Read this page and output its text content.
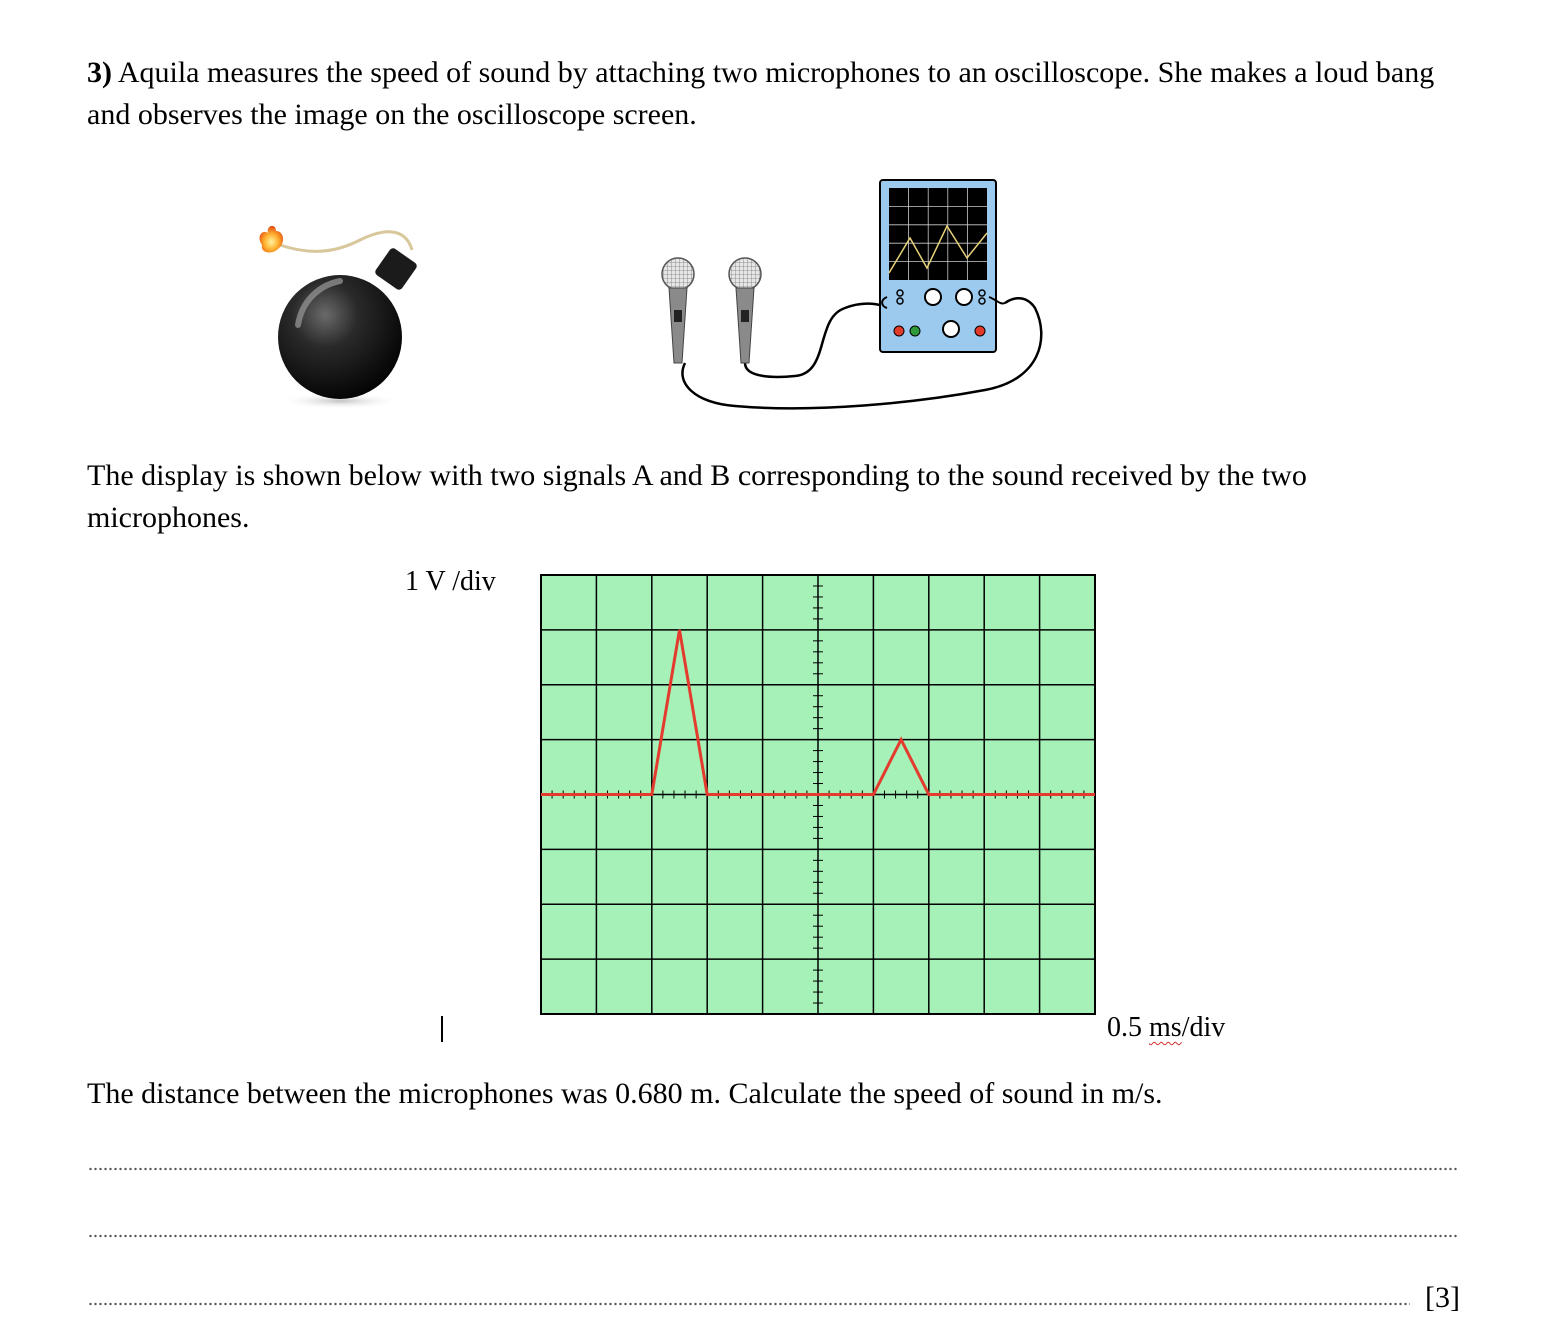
3) Aquila measures the speed of sound by attaching two microphones to an oscilloscope. She makes a loud bang and observes the image on the oscilloscope screen.
The display is shown below with two signals A and B corresponding to the sound received by the two microphones.
1 V /div
0.5 ms/div
The distance between the microphones was 0.680 m. Calculate the speed of sound in m/s.
[3]
